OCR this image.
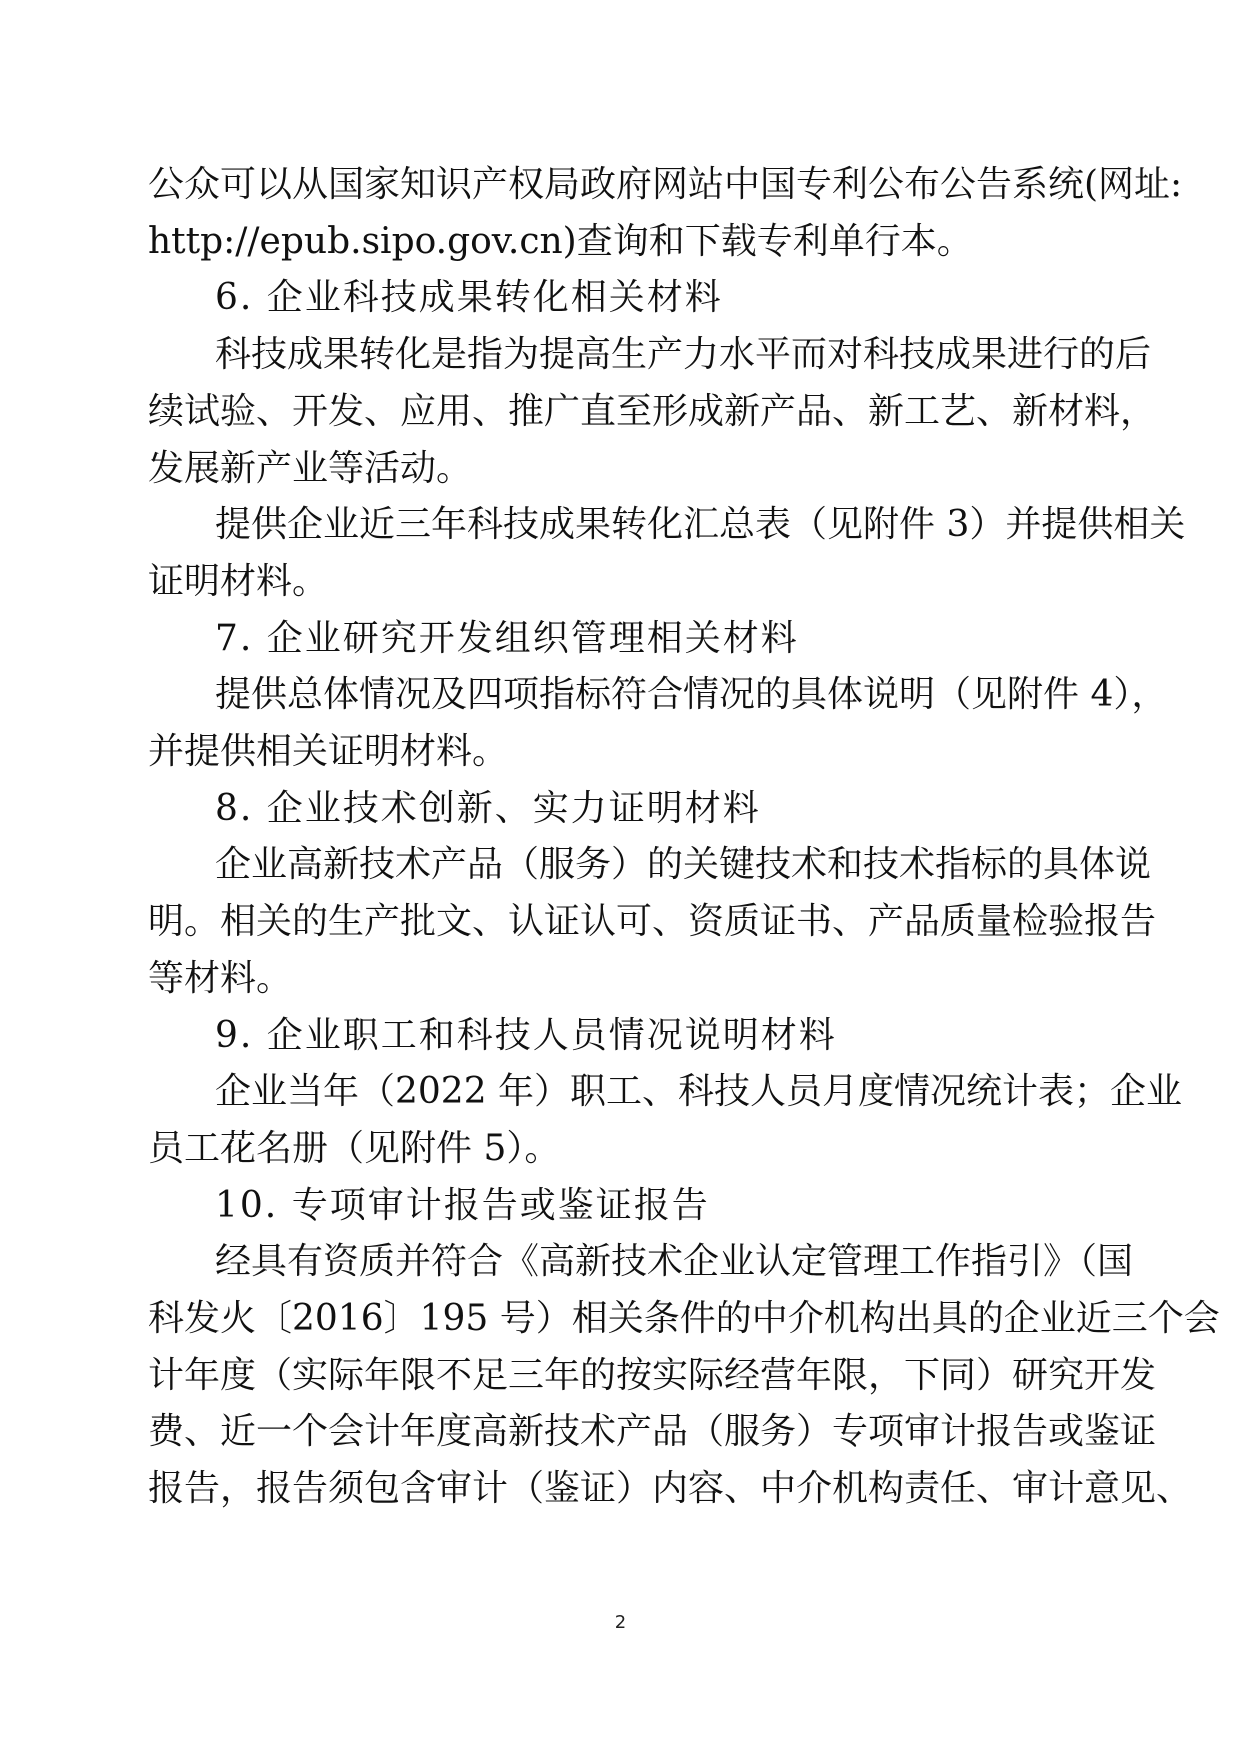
公众可以从国家知识产权局政府网站中国专利公布公告系统(网址:
http://epub.sipo.gov.cn)查询和下载专利单行本。
6. 企业科技成果转化相关材料
科技成果转化是指为提高生产力水平而对科技成果进行的后
续试验、开发、应用、推广直至形成新产品、新工艺、新材料，
发展新产业等活动。
提供企业近三年科技成果转化汇总表（见附件 3）并提供相关
证明材料。
7. 企业研究开发组织管理相关材料
提供总体情况及四项指标符合情况的具体说明（见附件 4），
并提供相关证明材料。
8. 企业技术创新、实力证明材料
企业高新技术产品（服务）的关键技术和技术指标的具体说
明。相关的生产批文、认证认可、资质证书、产品质量检验报告
等材料。
9. 企业职工和科技人员情况说明材料
企业当年（2022 年）职工、科技人员月度情况统计表；企业
员工花名册（见附件 5）。
10. 专项审计报告或鉴证报告
经具有资质并符合《高新技术企业认定管理工作指引》（国
科发火〔2016〕195 号）相关条件的中介机构出具的企业近三个会
计年度（实际年限不足三年的按实际经营年限，下同）研究开发
费、近一个会计年度高新技术产品（服务）专项审计报告或鉴证
报告，报告须包含审计（鉴证）内容、中介机构责任、审计意见、
2
